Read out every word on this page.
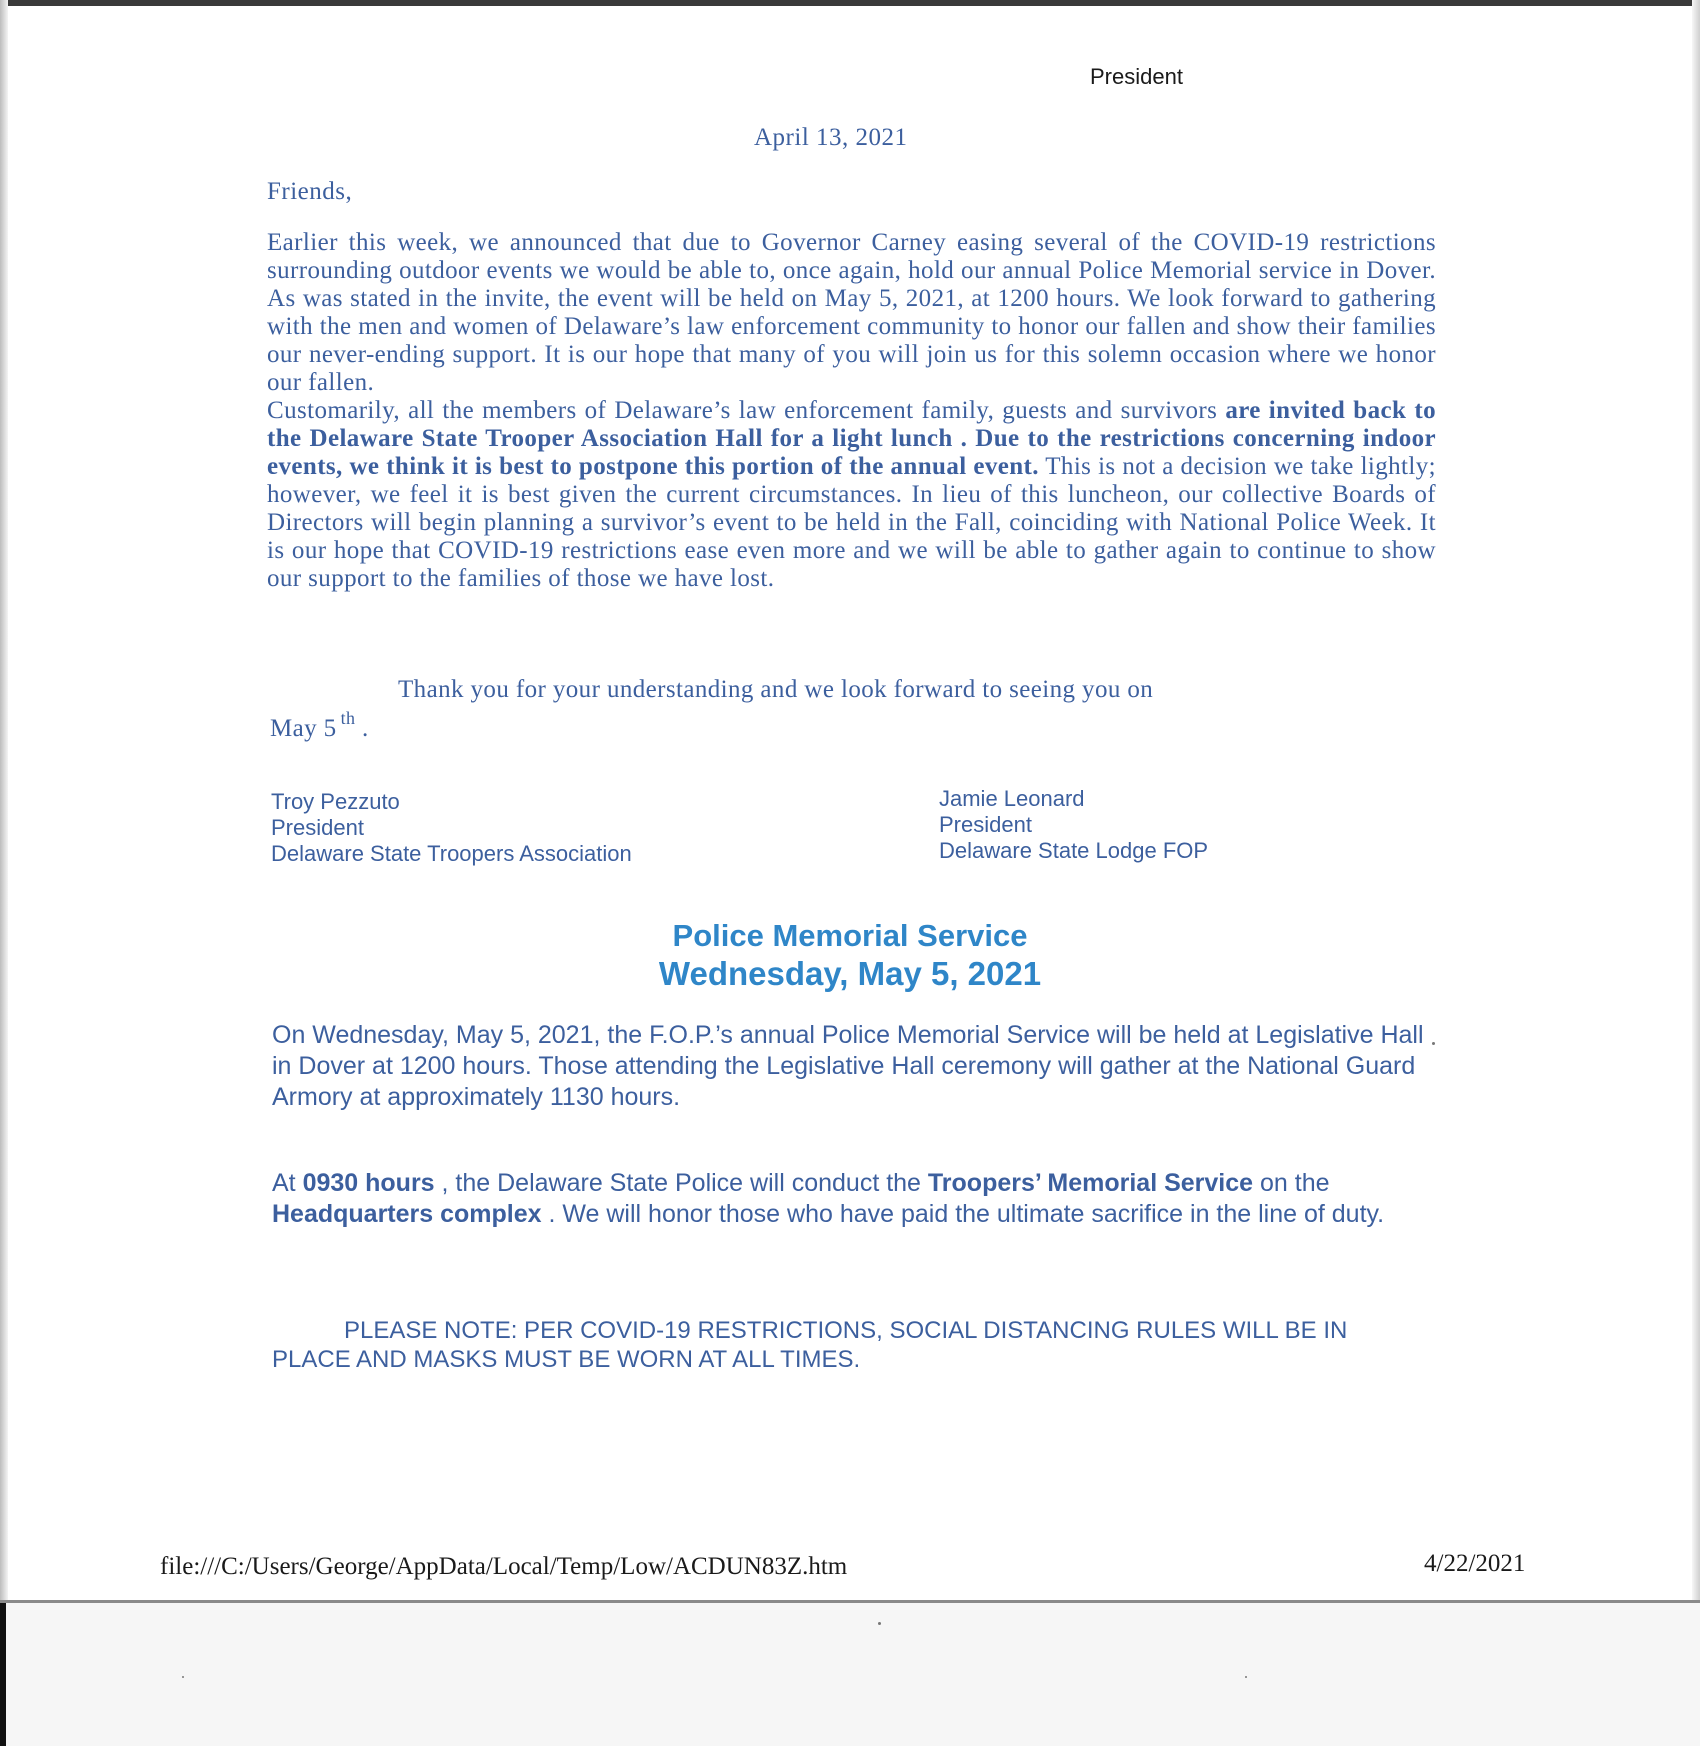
President
April 13, 2021
Friends,

Earlier this week, we announced that due to Governor Carney easing several of the COVID-19 restrictions surrounding outdoor events we would be able to, once again, hold our annual Police Memorial service in Dover. As was stated in the invite, the event will be held on May 5, 2021, at 1200 hours. We look forward to gathering with the men and women of Delaware’s law enforcement community to honor our fallen and show their families our never-ending support. It is our hope that many of you will join us for this solemn occasion where we honor our fallen.

Customarily, all the members of Delaware’s law enforcement family, guests and survivors are invited back to the Delaware State Trooper Association Hall for a light lunch . Due to the restrictions concerning indoor events, we think it is best to postpone this portion of the annual event. This is not a decision we take lightly; however, we feel it is best given the current circumstances. In lieu of this luncheon, our collective Boards of Directors will begin planning a survivor’s event to be held in the Fall, coinciding with National Police Week. It is our hope that COVID-19 restrictions ease even more and we will be able to gather again to continue to show our support to the families of those we have lost.

Thank you for your understanding and we look forward to seeing you on
May 5 $^{th}$ .
Troy Pezzuto
President
Delaware State Troopers Association
Jamie Leonard
President
Delaware State Lodge FOP
Police Memorial Service
Wednesday, May 5, 2021
On Wednesday, May 5, 2021, the F.O.P.’s annual Police Memorial Service will be held at Legislative Hall in Dover at 1200 hours. Those attending the Legislative Hall ceremony will gather at the National Guard Armory at approximately 1130 hours.
At 0930 hours , the Delaware State Police will conduct the Troopers’ Memorial Service on the Headquarters complex . We will honor those who have paid the ultimate sacrifice in the line of duty.
PLEASE NOTE: PER COVID-19 RESTRICTIONS, SOCIAL DISTANCING RULES WILL BE IN PLACE AND MASKS MUST BE WORN AT ALL TIMES.
file:///C:/Users/George/AppData/Local/Temp/Low/ACDUN83Z.htm	4/22/2021
